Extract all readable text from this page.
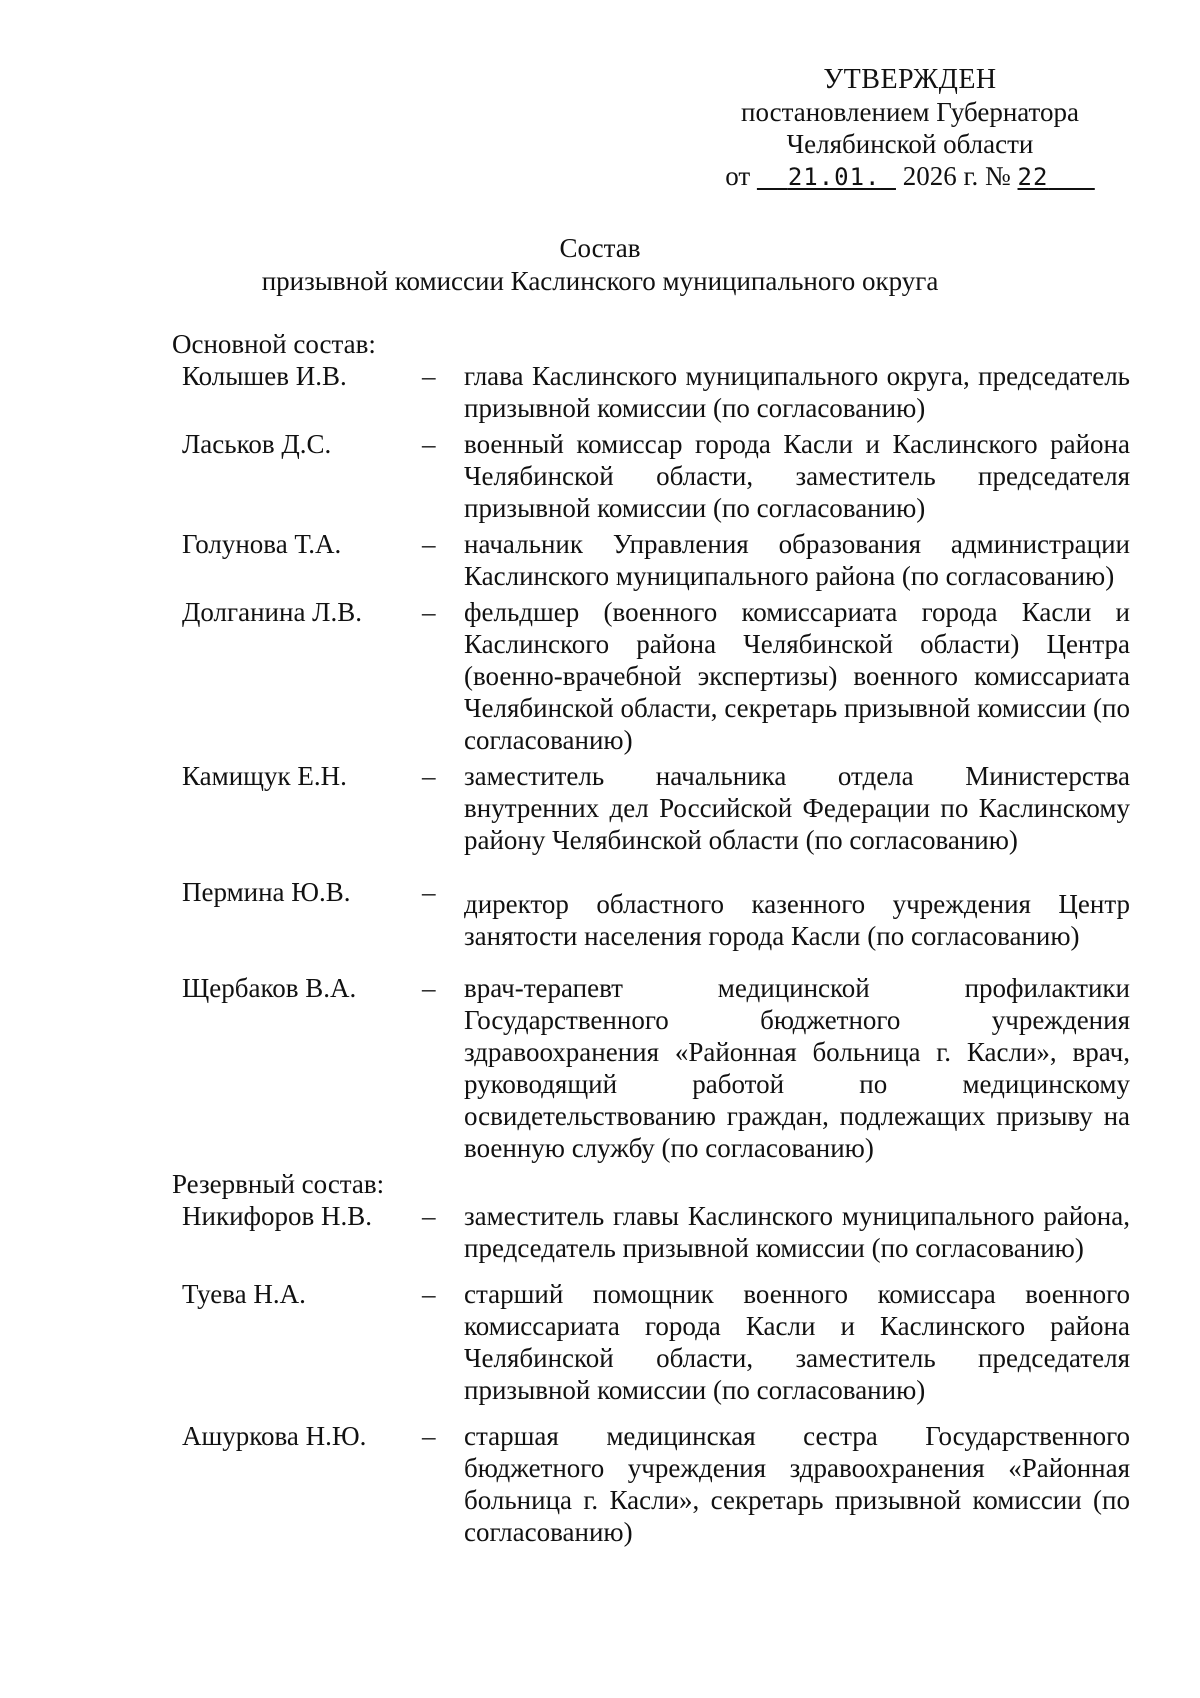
УТВЕРЖДЕН
постановлением Губернатора
Челябинской области
от 21.01. 2026 г. № 22
Состав
призывной комиссии Каслинского муниципального округа
Основной состав:
Колышев И.В.	–	глава Каслинского муниципального округа, председатель призывной комиссии (по согласованию)
Ласьков Д.С.	–	военный комиссар города Касли и Каслинского района Челябинской области, заместитель председателя призывной комиссии (по согласованию)
Голунова Т.А.	–	начальник Управления образования администрации Каслинского муниципального района (по согласованию)
Долганина Л.В.	–	фельдшер (военного комиссариата города Касли и Каслинского района Челябинской области) Центра (военно-врачебной экспертизы) военного комиссариата Челябинской области, секретарь призывной комиссии (по согласованию)
Камищук Е.Н.	–	заместитель начальника отдела Министерства внутренних дел Российской Федерации по Каслинскому району Челябинской области (по согласованию)
Пермина Ю.В.	–	директор областного казенного учреждения Центр занятости населения города Касли (по согласованию)
Щербаков В.А.	–	врач-терапевт медицинской профилактики Государственного бюджетного учреждения здравоохранения «Районная больница г. Касли», врач, руководящий работой по медицинскому освидетельствованию граждан, подлежащих призыву на военную службу (по согласованию)
Резервный состав:
Никифоров Н.В.	–	заместитель главы Каслинского муниципального района, председатель призывной комиссии (по согласованию)
Туева Н.А.	–	старший помощник военного комиссара военного комиссариата города Касли и Каслинского района Челябинской области, заместитель председателя призывной комиссии (по согласованию)
Ашуркова Н.Ю.	–	старшая медицинская сестра Государственного бюджетного учреждения здравоохранения «Районная больница г. Касли», секретарь призывной комиссии (по согласованию)
